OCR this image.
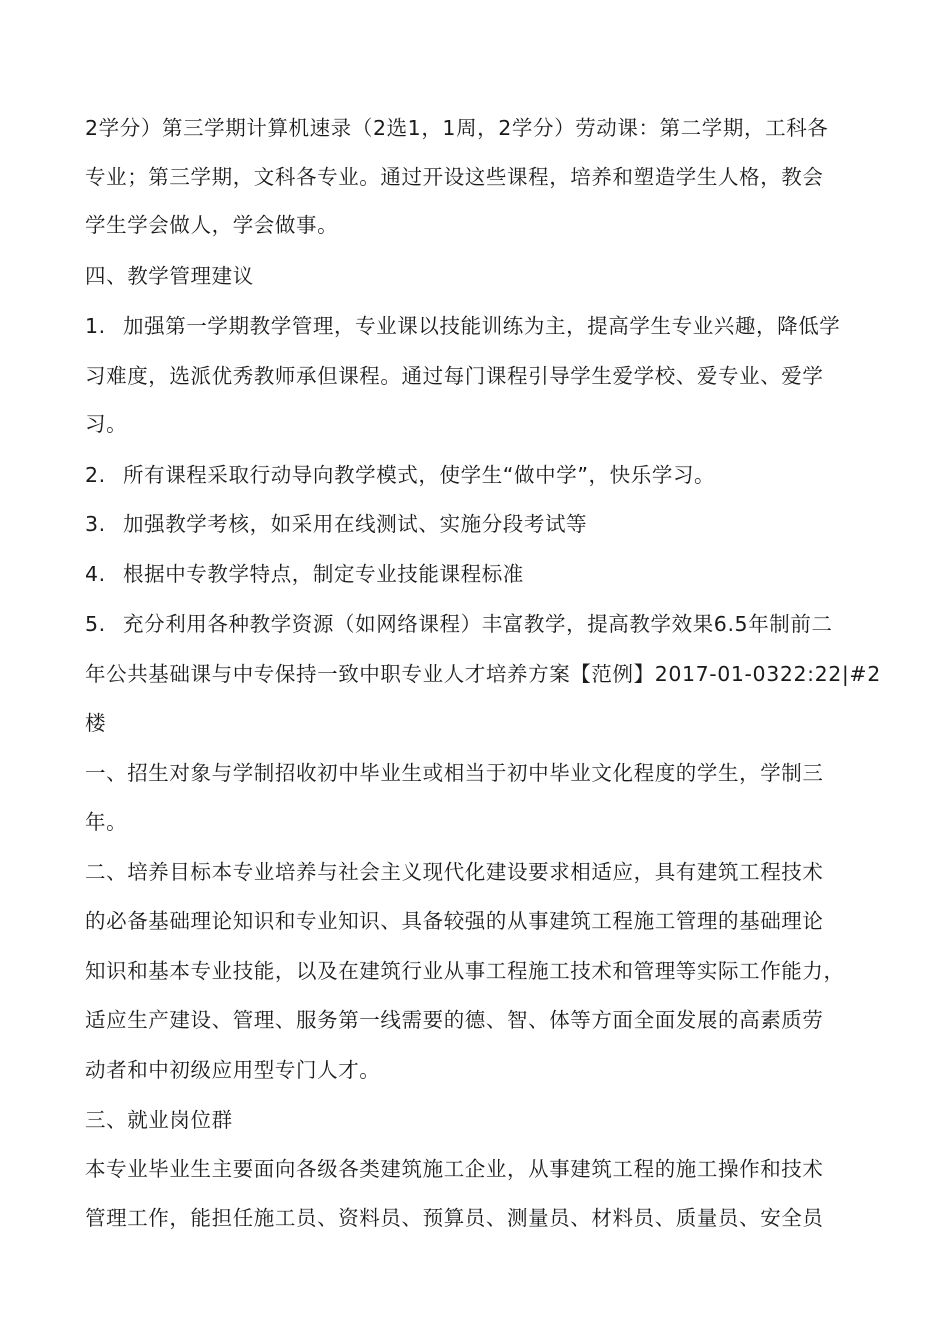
2学分）第三学期计算机速录（2选1，1周，2学分）劳动课：第二学期，工科各
专业；第三学期，文科各专业。通过开设这些课程，培养和塑造学生人格，教会
学生学会做人，学会做事。
四、教学管理建议
1. 加强第一学期教学管理，专业课以技能训练为主，提高学生专业兴趣，降低学
习难度，选派优秀教师承但课程。通过每门课程引导学生爱学校、爱专业、爱学
习。
2. 所有课程采取行动导向教学模式，使学生“做中学”，快乐学习。
3. 加强教学考核，如采用在线测试、实施分段考试等
4. 根据中专教学特点，制定专业技能课程标准
5. 充分利用各种教学资源（如网络课程）丰富教学，提高教学效果6.5年制前二
年公共基础课与中专保持一致中职专业人才培养方案【范例】2017-01-0322:22|#2
楼
一、招生对象与学制招收初中毕业生或相当于初中毕业文化程度的学生，学制三
年。
二、培养目标本专业培养与社会主义现代化建设要求相适应，具有建筑工程技术
的必备基础理论知识和专业知识、具备较强的从事建筑工程施工管理的基础理论
知识和基本专业技能，以及在建筑行业从事工程施工技术和管理等实际工作能力，
适应生产建设、管理、服务第一线需要的德、智、体等方面全面发展的高素质劳
动者和中初级应用型专门人才。
三、就业岗位群
本专业毕业生主要面向各级各类建筑施工企业，从事建筑工程的施工操作和技术
管理工作，能担任施工员、资料员、预算员、测量员、材料员、质量员、安全员
